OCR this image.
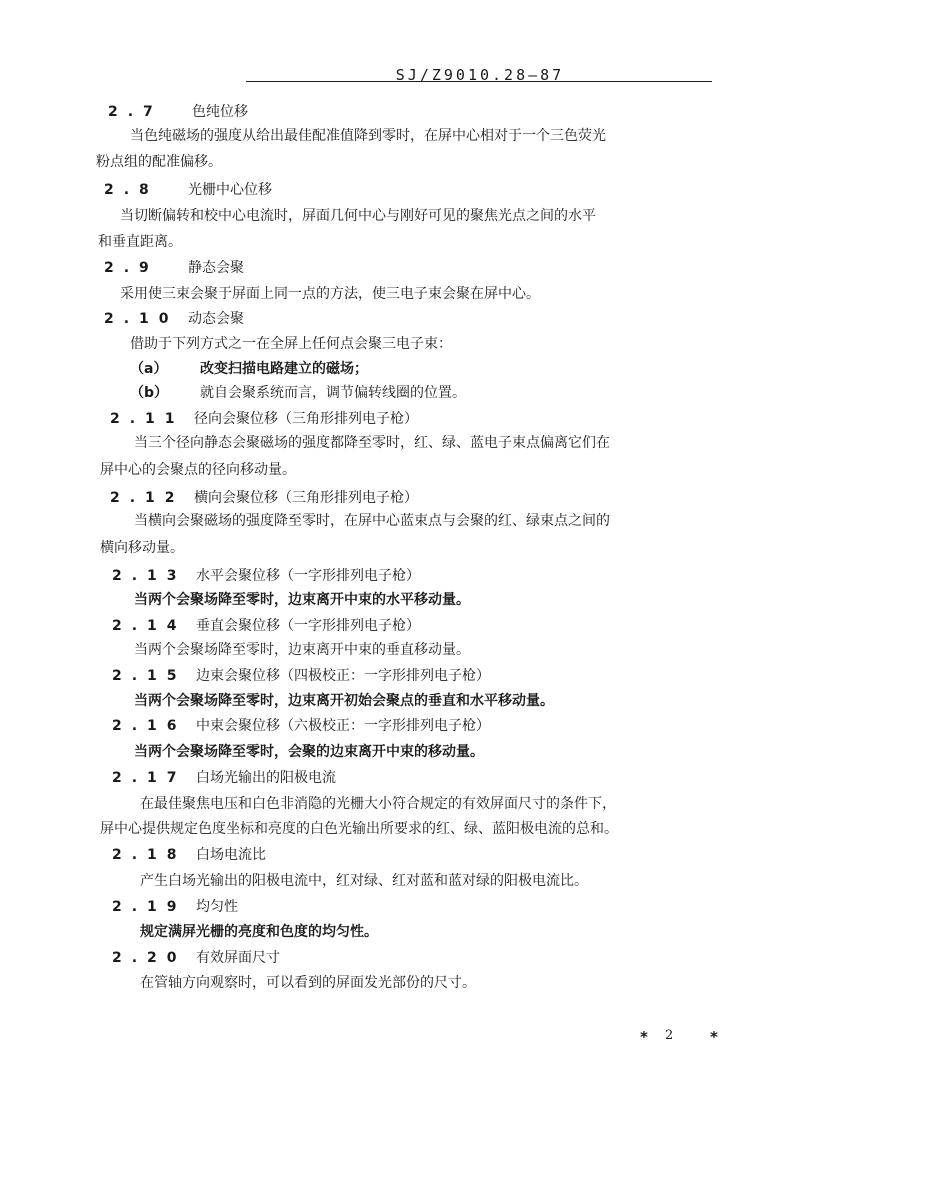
SJ/Z9010.28—87
2.7 色纯位移
当色纯磁场的强度从给出最佳配准值降到零时，在屏中心相对于一个三色荧光
粉点组的配准偏移。
2.8 光栅中心位移
当切断偏转和校中心电流时，屏面几何中心与刚好可见的聚焦光点之间的水平
和垂直距离。
2.9 静态会聚
采用使三束会聚于屏面上同一点的方法，使三电子束会聚在屏中心。
2.10 动态会聚
借助于下列方式之一在全屏上任何点会聚三电子束：
（a） 改变扫描电路建立的磁场；
（b） 就自会聚系统而言，调节偏转线圈的位置。
2.11 径向会聚位移（三角形排列电子枪）
当三个径向静态会聚磁场的强度都降至零时，红、绿、蓝电子束点偏离它们在
屏中心的会聚点的径向移动量。
2.12 横向会聚位移（三角形排列电子枪）
当横向会聚磁场的强度降至零时，在屏中心蓝束点与会聚的红、绿束点之间的
横向移动量。
2.13 水平会聚位移（一字形排列电子枪）
当两个会聚场降至零时，边束离开中束的水平移动量。
2.14 垂直会聚位移（一字形排列电子枪）
当两个会聚场降至零时，边束离开中束的垂直移动量。
2.15 边束会聚位移（四极校正：一字形排列电子枪）
当两个会聚场降至零时，边束离开初始会聚点的垂直和水平移动量。
2.16 中束会聚位移（六极校正：一字形排列电子枪）
当两个会聚场降至零时，会聚的边束离开中束的移动量。
2.17 白场光输出的阳极电流
在最佳聚焦电压和白色非消隐的光栅大小符合规定的有效屏面尺寸的条件下，
屏中心提供规定色度坐标和亮度的白色光输出所要求的红、绿、蓝阳极电流的总和。
2.18 白场电流比
产生白场光输出的阳极电流中，红对绿、红对蓝和蓝对绿的阳极电流比。
2.19 均匀性
规定满屏光栅的亮度和色度的均匀性。
2.20 有效屏面尺寸
在管轴方向观察时，可以看到的屏面发光部份的尺寸。
* 2 *
